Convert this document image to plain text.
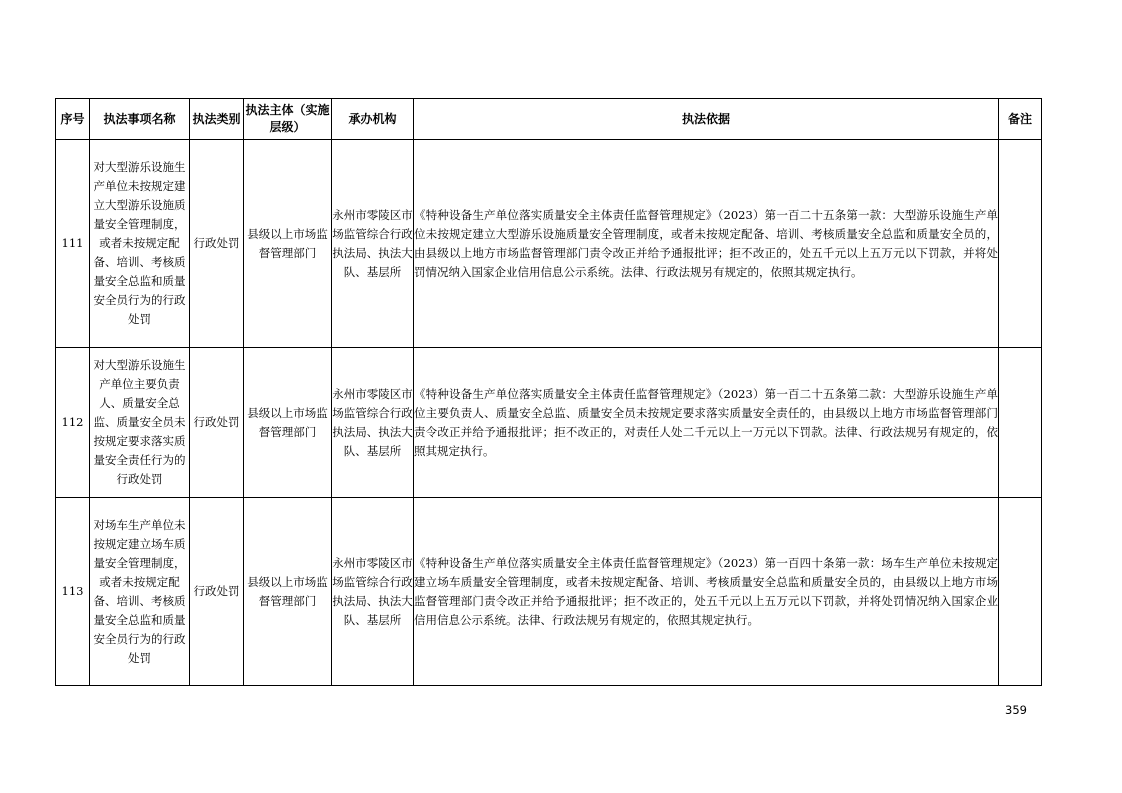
序号	执法事项名称	执法类别	执法主体（实施层级）	承办机构	执法依据	备注
111	对大型游乐设施生产单位未按规定建立大型游乐设施质量安全管理制度，或者未按规定配备、培训、考核质量安全总监和质量安全员行为的行政处罚	行政处罚	县级以上市场监督管理部门	永州市零陵区市场监管综合行政执法局、执法大队、基层所	《特种设备生产单位落实质量安全主体责任监督管理规定》（2023）第一百二十五条第一款：大型游乐设施生产单位未按规定建立大型游乐设施质量安全管理制度，或者未按规定配备、培训、考核质量安全总监和质量安全员的，由县级以上地方市场监督管理部门责令改正并给予通报批评；拒不改正的，处五千元以上五万元以下罚款，并将处罚情况纳入国家企业信用信息公示系统。法律、行政法规另有规定的，依照其规定执行。	
112	对大型游乐设施生产单位主要负责人、质量安全总监、质量安全员未按规定要求落实质量安全责任行为的行政处罚	行政处罚	县级以上市场监督管理部门	永州市零陵区市场监管综合行政执法局、执法大队、基层所	《特种设备生产单位落实质量安全主体责任监督管理规定》（2023）第一百二十五条第二款：大型游乐设施生产单位主要负责人、质量安全总监、质量安全员未按规定要求落实质量安全责任的，由县级以上地方市场监督管理部门责令改正并给予通报批评；拒不改正的，对责任人处二千元以上一万元以下罚款。法律、行政法规另有规定的，依照其规定执行。	
113	对场车生产单位未按规定建立场车质量安全管理制度，或者未按规定配备、培训、考核质量安全总监和质量安全员行为的行政处罚	行政处罚	县级以上市场监督管理部门	永州市零陵区市场监管综合行政执法局、执法大队、基层所	《特种设备生产单位落实质量安全主体责任监督管理规定》（2023）第一百四十条第一款：场车生产单位未按规定建立场车质量安全管理制度，或者未按规定配备、培训、考核质量安全总监和质量安全员的，由县级以上地方市场监督管理部门责令改正并给予通报批评；拒不改正的，处五千元以上五万元以下罚款，并将处罚情况纳入国家企业信用信息公示系统。法律、行政法规另有规定的，依照其规定执行。	
359
